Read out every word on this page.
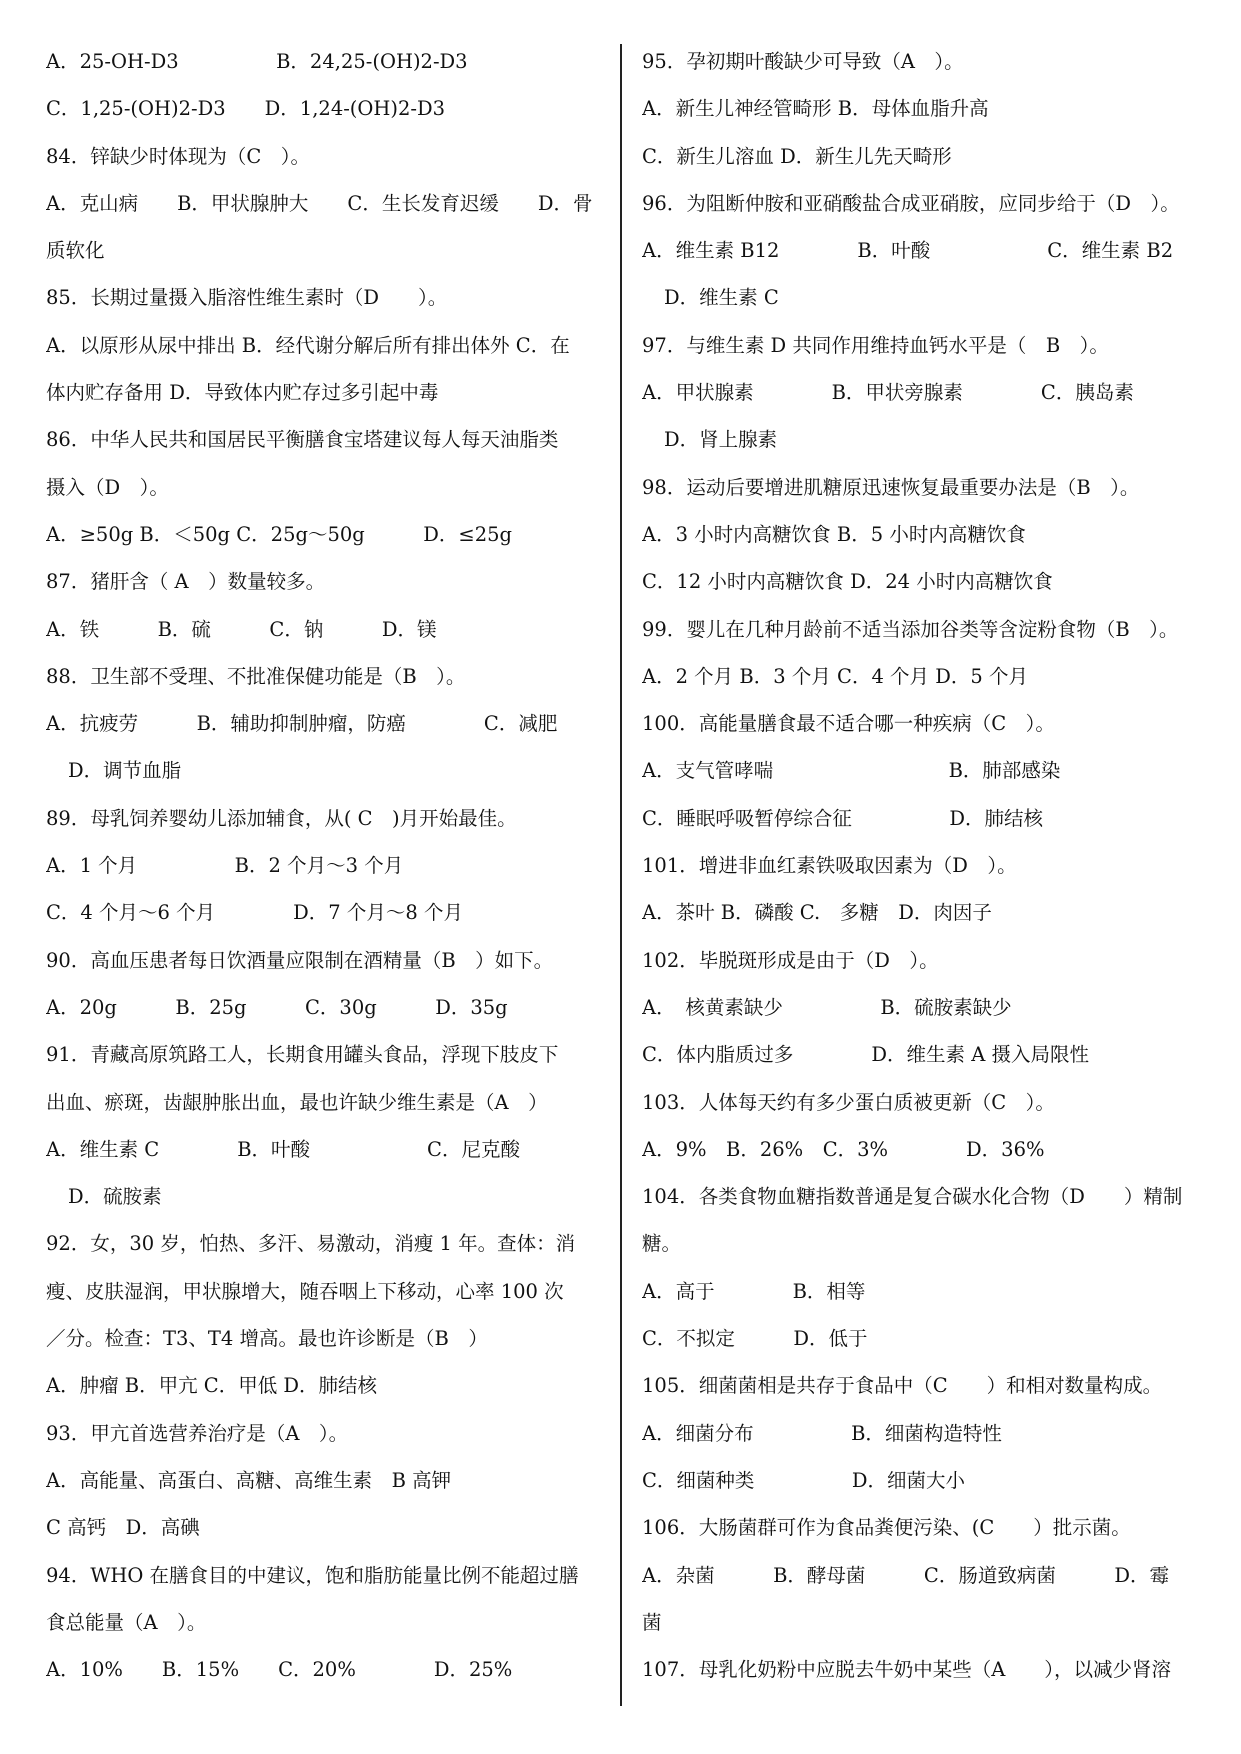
A．25-OH-D3　　　　　B．24,25-(OH)2-D3
C．1,25-(OH)2-D3　　D．1,24-(OH)2-D3
84．锌缺少时体现为（C　）。
A．克山病　　B．甲状腺肿大　　C．生长发育迟缓　　D．骨
质软化
85．长期过量摄入脂溶性维生素时（D　　）。
A．以原形从尿中排出 B．经代谢分解后所有排出体外 C．在
体内贮存备用 D．导致体内贮存过多引起中毒
86．中华人民共和国居民平衡膳食宝塔建议每人每天油脂类
摄入（D　）。
A．≥50g B．＜50g C．25g～50g　　　D．≤25g
87．猪肝含（ A　）数量较多。
A．铁　　　B．硫　　　C．钠　　　D．镁
88．卫生部不受理、不批准保健功能是（B　）。
A．抗疲劳　　　B．辅助抑制肿瘤，防癌　　　　C．减肥
D．调节血脂
89．母乳饲养婴幼儿添加辅食，从( C　)月开始最佳。
A．1 个月　　　　　B．2 个月～3 个月
C．4 个月～6 个月　　　　D．7 个月～8 个月
90．高血压患者每日饮酒量应限制在酒精量（B　）如下。
A．20g　　　B．25g　　　C．30g　　　D．35g
91．青藏高原筑路工人，长期食用罐头食品，浮现下肢皮下
出血、瘀斑，齿龈肿胀出血，最也许缺少维生素是（A　）
A．维生素 C　　　　B．叶酸　　　　　　C．尼克酸
D．硫胺素
92．女，30 岁，怕热、多汗、易激动，消瘦 1 年。查体：消
瘦、皮肤湿润，甲状腺增大，随吞咽上下移动，心率 100 次
／分。检查：T3、T4 增高。最也许诊断是（B　）
A．肿瘤 B．甲亢 C．甲低 D．肺结核
93．甲亢首选营养治疗是（A　）。
A．高能量、高蛋白、高糖、高维生素　B 高钾
C 高钙　D．高碘
94．WHO 在膳食目的中建议，饱和脂肪能量比例不能超过膳
食总能量（A　）。
A．10%　　B．15%　　C．20%　　　　D．25%
95．孕初期叶酸缺少可导致（A　）。
A．新生儿神经管畸形 B．母体血脂升高
C．新生儿溶血 D．新生儿先天畸形
96．为阻断仲胺和亚硝酸盐合成亚硝胺，应同步给于（D　）。
A．维生素 B12　　　　B．叶酸　　　　　　C．维生素 B2
D．维生素 C
97．与维生素 D 共同作用维持血钙水平是（　B　）。
A．甲状腺素　　　　B．甲状旁腺素　　　　C．胰岛素
D．肾上腺素
98．运动后要增进肌糖原迅速恢复最重要办法是（B　）。
A．3 小时内高糖饮食 B．5 小时内高糖饮食
C．12 小时内高糖饮食 D．24 小时内高糖饮食
99．婴儿在几种月龄前不适当添加谷类等含淀粉食物（B　）。
A．2 个月 B．3 个月 C．4 个月 D．5 个月
100．高能量膳食最不适合哪一种疾病（C　）。
A．支气管哮喘　　　　　　　　　B．肺部感染
C．睡眠呼吸暂停综合征　　　　　D．肺结核
101．增进非血红素铁吸取因素为（D　）。
A．茶叶 B．磷酸 C.　多糖　D．肉因子
102．毕脱斑形成是由于（D　）。
A．　核黄素缺少　　　　　B．硫胺素缺少
C．体内脂质过多　　　　D．维生素 A 摄入局限性
103．人体每天约有多少蛋白质被更新（C　）。
A．9%　B．26%　C．3%　　　　D．36%
104．各类食物血糖指数普通是复合碳水化合物（D　　）精制
糖。
A．高于　　　　B．相等
C．不拟定　　　D．低于
105．细菌菌相是共存于食品中（C　　）和相对数量构成。
A．细菌分布　　　　　B．细菌构造特性
C．细菌种类　　　　　D．细菌大小
106．大肠菌群可作为食品粪便污染、(C　　）批示菌。
A．杂菌　　　B．酵母菌　　　C．肠道致病菌　　　D．霉
菌
107．母乳化奶粉中应脱去牛奶中某些（A　　），以减少肾溶
